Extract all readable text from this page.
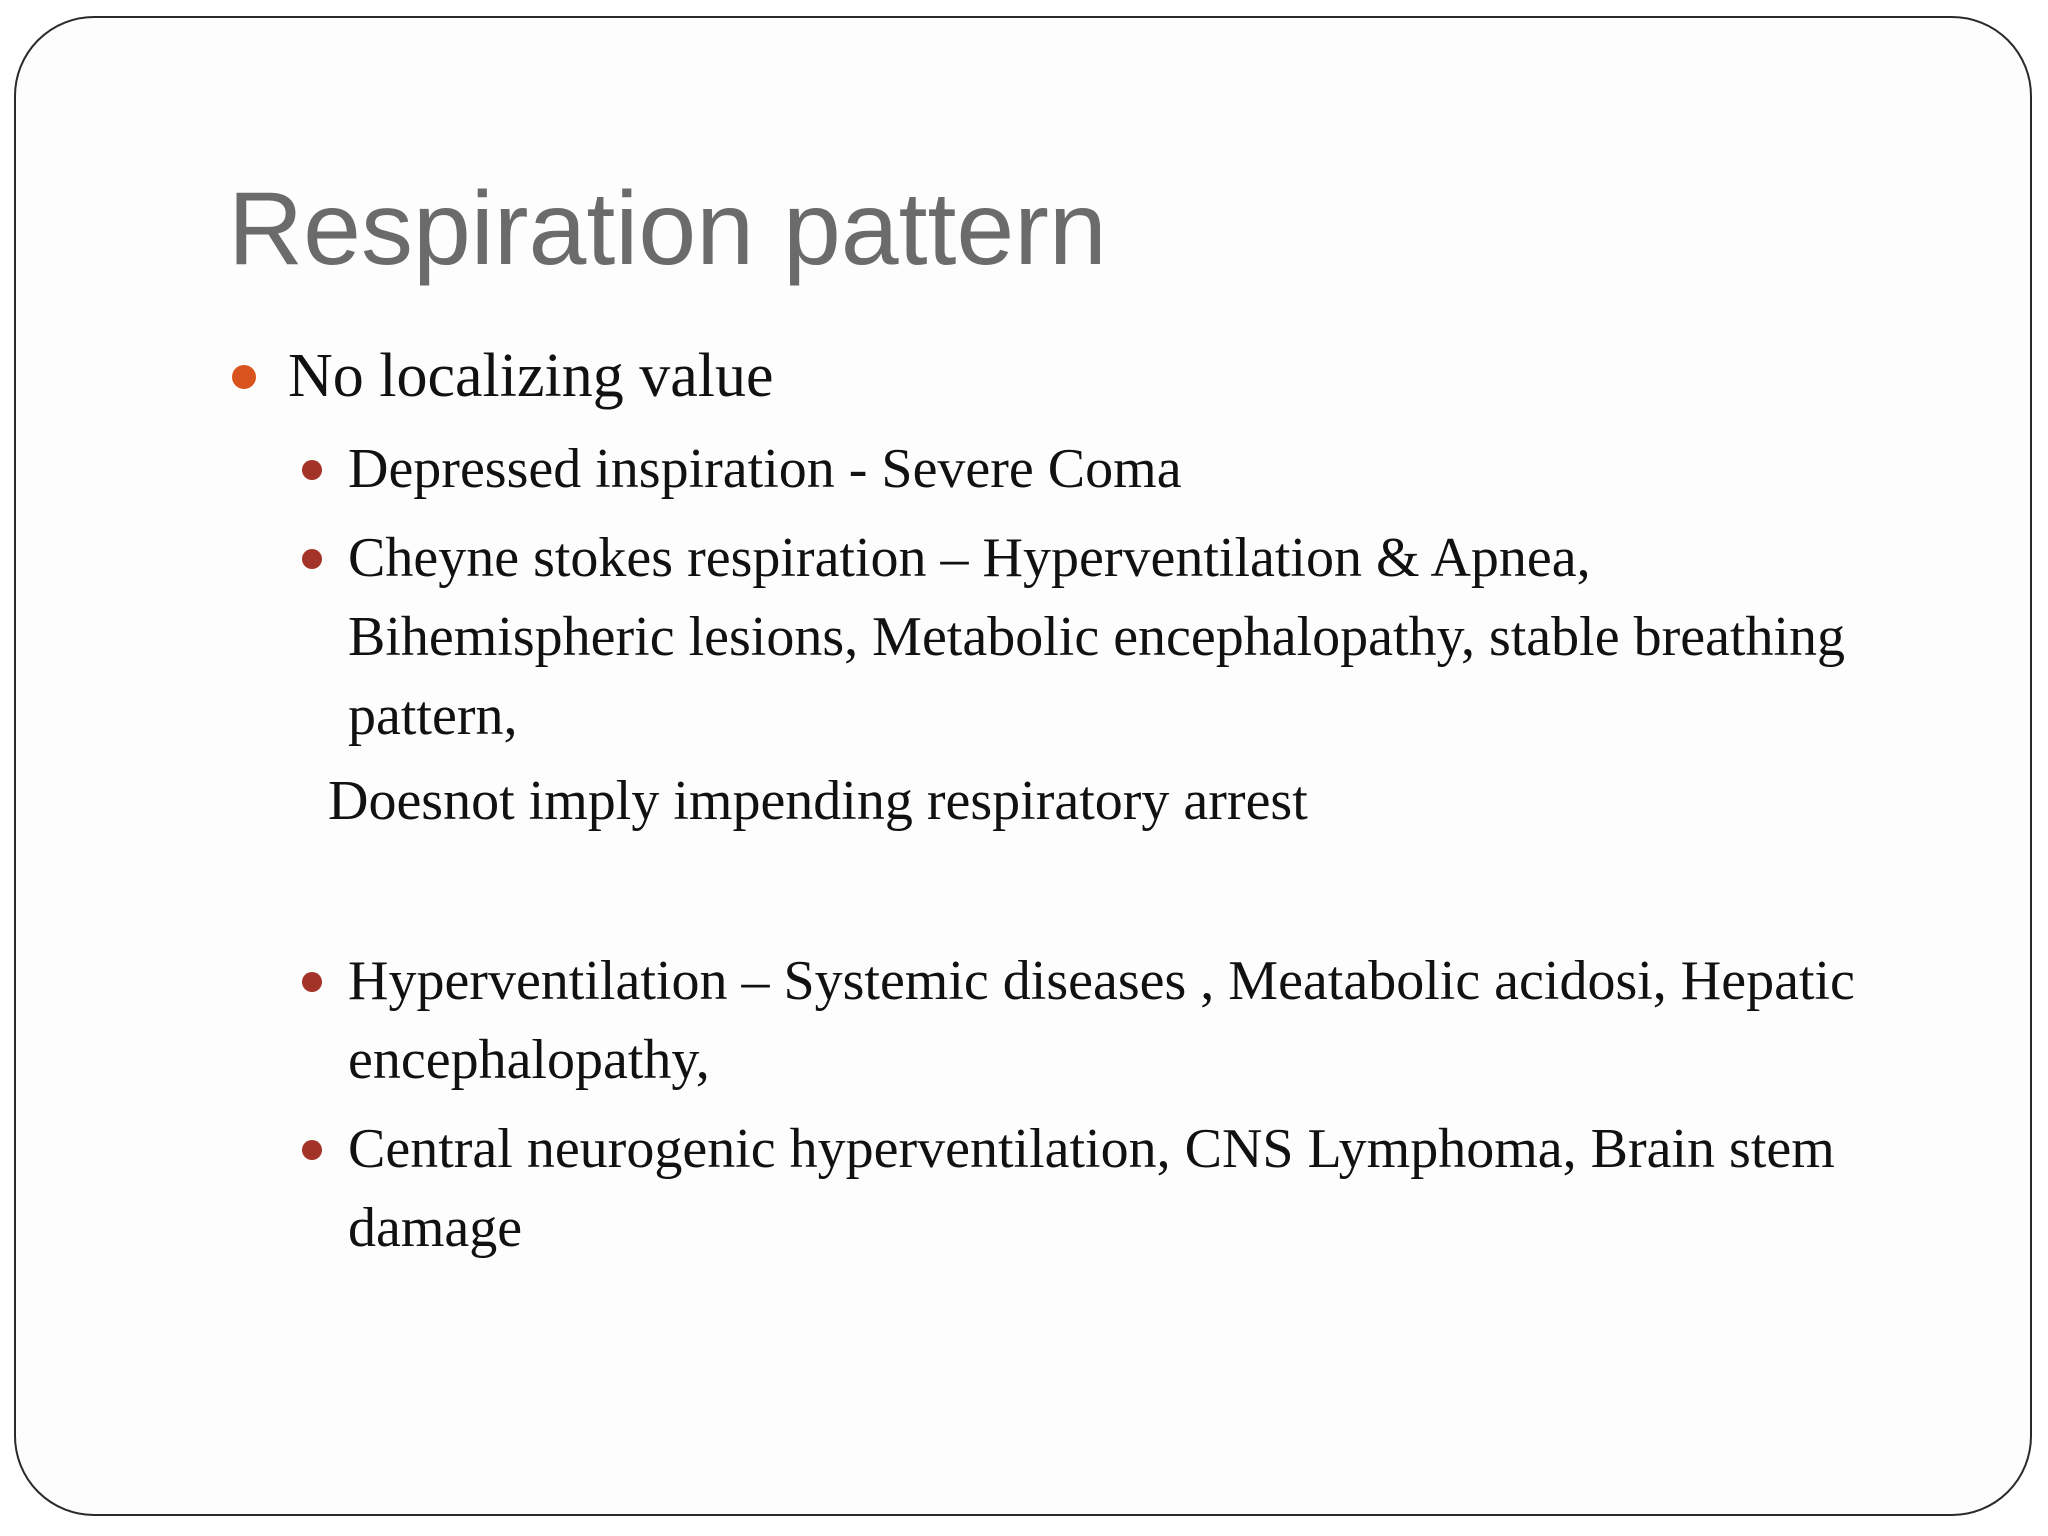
Respiration pattern
No localizing value
Depressed inspiration - Severe Coma
Cheyne stokes respiration – Hyperventilation & Apnea, Bihemispheric lesions, Metabolic encephalopathy, stable breathing pattern,
Doesnot imply impending respiratory arrest
Hyperventilation – Systemic diseases , Meatabolic acidosi, Hepatic encephalopathy,
Central neurogenic hyperventilation, CNS Lymphoma, Brain stem damage
